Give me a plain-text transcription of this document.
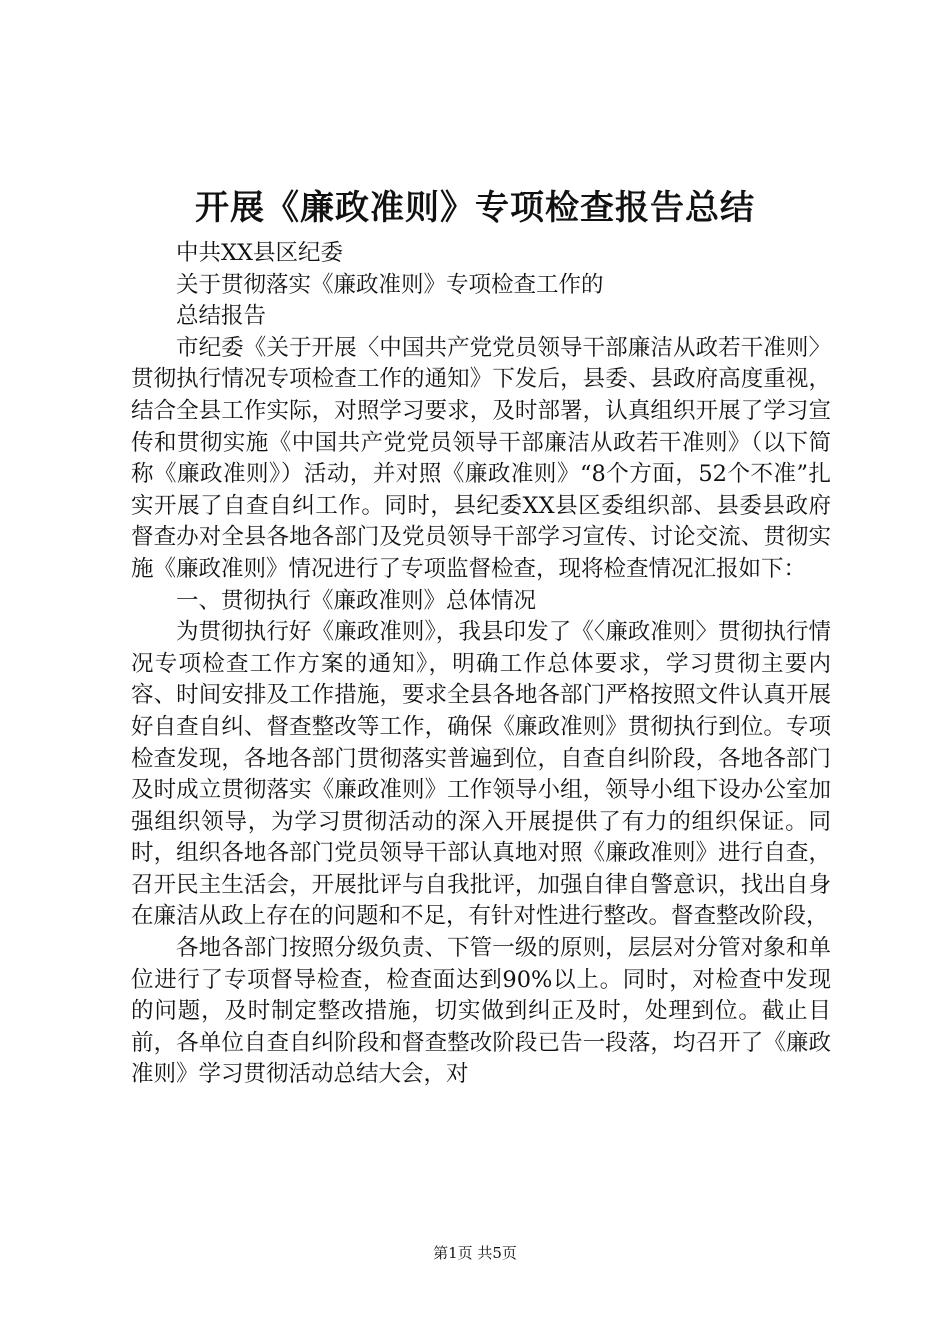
开展《廉政准则》专项检查报告总结

中共XX县区纪委

关于贯彻落实《廉政准则》专项检查工作的

总结报告

市纪委《关于开展〈中国共产党党员领导干部廉洁从政若干准则〉贯彻执行情况专项检查工作的通知》下发后，县委、县政府高度重视，结合全县工作实际，对照学习要求，及时部署，认真组织开展了学习宣传和贯彻实施《中国共产党党员领导干部廉洁从政若干准则》（以下简称《廉政准则》）活动，并对照《廉政准则》“8个方面，52个不准”扎实开展了自查自纠工作。同时，县纪委XX县区委组织部、县委县政府督查办对全县各地各部门及党员领导干部学习宣传、讨论交流、贯彻实施《廉政准则》情况进行了专项监督检查，现将检查情况汇报如下：

一、贯彻执行《廉政准则》总体情况

为贯彻执行好《廉政准则》，我县印发了《〈廉政准则〉贯彻执行情况专项检查工作方案的通知》，明确工作总体要求，学习贯彻主要内容、时间安排及工作措施，要求全县各地各部门严格按照文件认真开展好自查自纠、督查整改等工作，确保《廉政准则》贯彻执行到位。专项检查发现，各地各部门贯彻落实普遍到位，自查自纠阶段，各地各部门及时成立贯彻落实《廉政准则》工作领导小组，领导小组下设办公室加强组织领导，为学习贯彻活动的深入开展提供了有力的组织保证。同时，组织各地各部门党员领导干部认真地对照《廉政准则》进行自查，召开民主生活会，开展批评与自我批评，加强自律自警意识，找出自身在廉洁从政上存在的问题和不足，有针对性进行整改。督查整改阶段，

各地各部门按照分级负责、下管一级的原则，层层对分管对象和单位进行了专项督导检查，检查面达到90%以上。同时，对检查中发现的问题，及时制定整改措施，切实做到纠正及时，处理到位。截止目前，各单位自查自纠阶段和督查整改阶段已告一段落，均召开了《廉政准则》学习贯彻活动总结大会，对

第1页 共5页
